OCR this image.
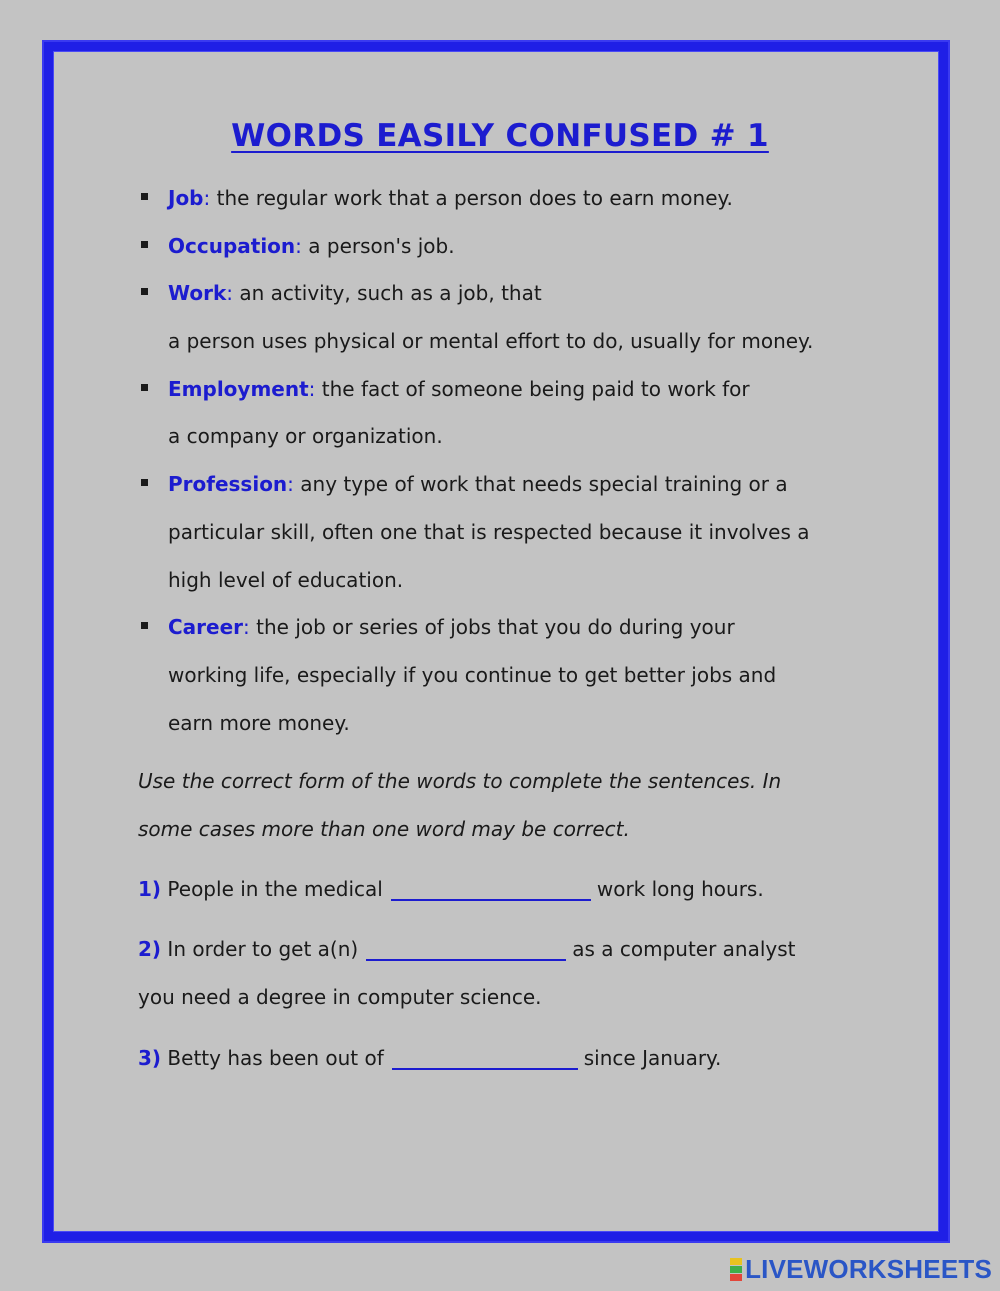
WORDS EASILY CONFUSED # 1
Job: the regular work that a person does to earn money.
Occupation: a person's job.
Work: an activity, such as a job, that
a person uses physical or mental effort to do, usually for money.
Employment: the fact of someone being paid to work for
a company or organization.
Profession: any type of work that needs special training or a
particular skill, often one that is respected because it involves a
high level of education.
Career: the job or series of jobs that you do during your
working life, especially if you continue to get better jobs and
earn more money.
Use the correct form of the words to complete the sentences. In
some cases more than one word may be correct.
1) People in the medical	work long hours.
2) In order to get a(n)	as a computer analyst
you need a degree in computer science.
3) Betty has been out of	since January.
LIVEWORKSHEETS
